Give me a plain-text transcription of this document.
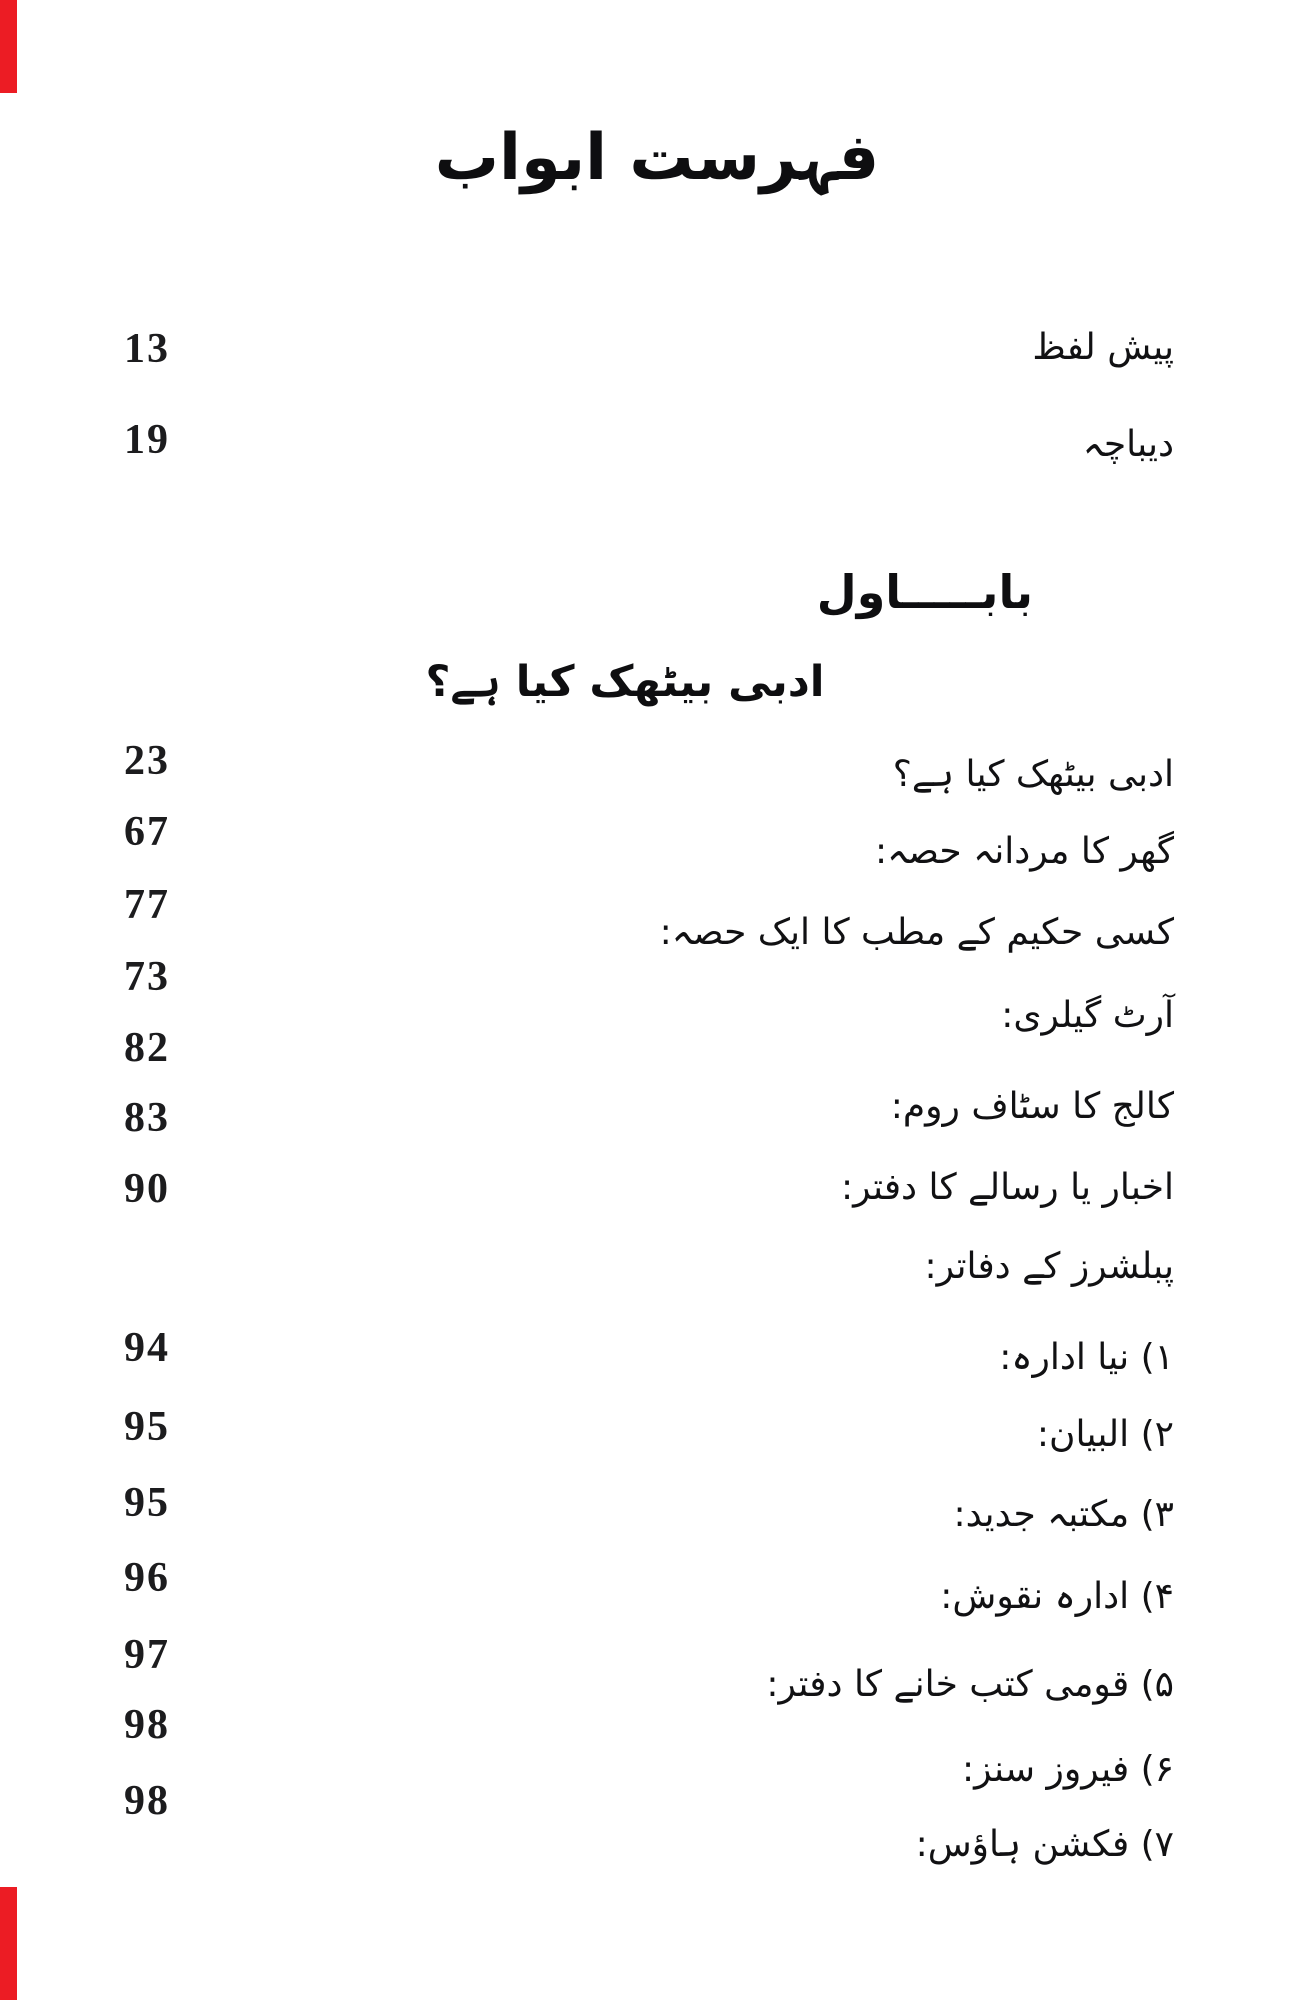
فہرست ابواب
پیش لفظ
دیباچہ
13
19
بابـــــاول
ادبی بیٹھک کیا ہے؟
ادبی بیٹھک کیا ہے؟
گھر کا مردانہ حصہ:
کسی حکیم کے مطب کا ایک حصہ:
آرٹ گیلری:
کالج کا سٹاف روم:
اخبار یا رسالے کا دفتر:
پبلشرز کے دفاتر:
۱) نیا ادارہ:
۲) البیان:
۳) مکتبہ جدید:
۴) ادارہ نقوش:
۵) قومی کتب خانے کا دفتر:
۶) فیروز سنز:
۷) فکشن ہاؤس:
23
67
77
73
82
83
90
94
95
95
96
97
98
98
